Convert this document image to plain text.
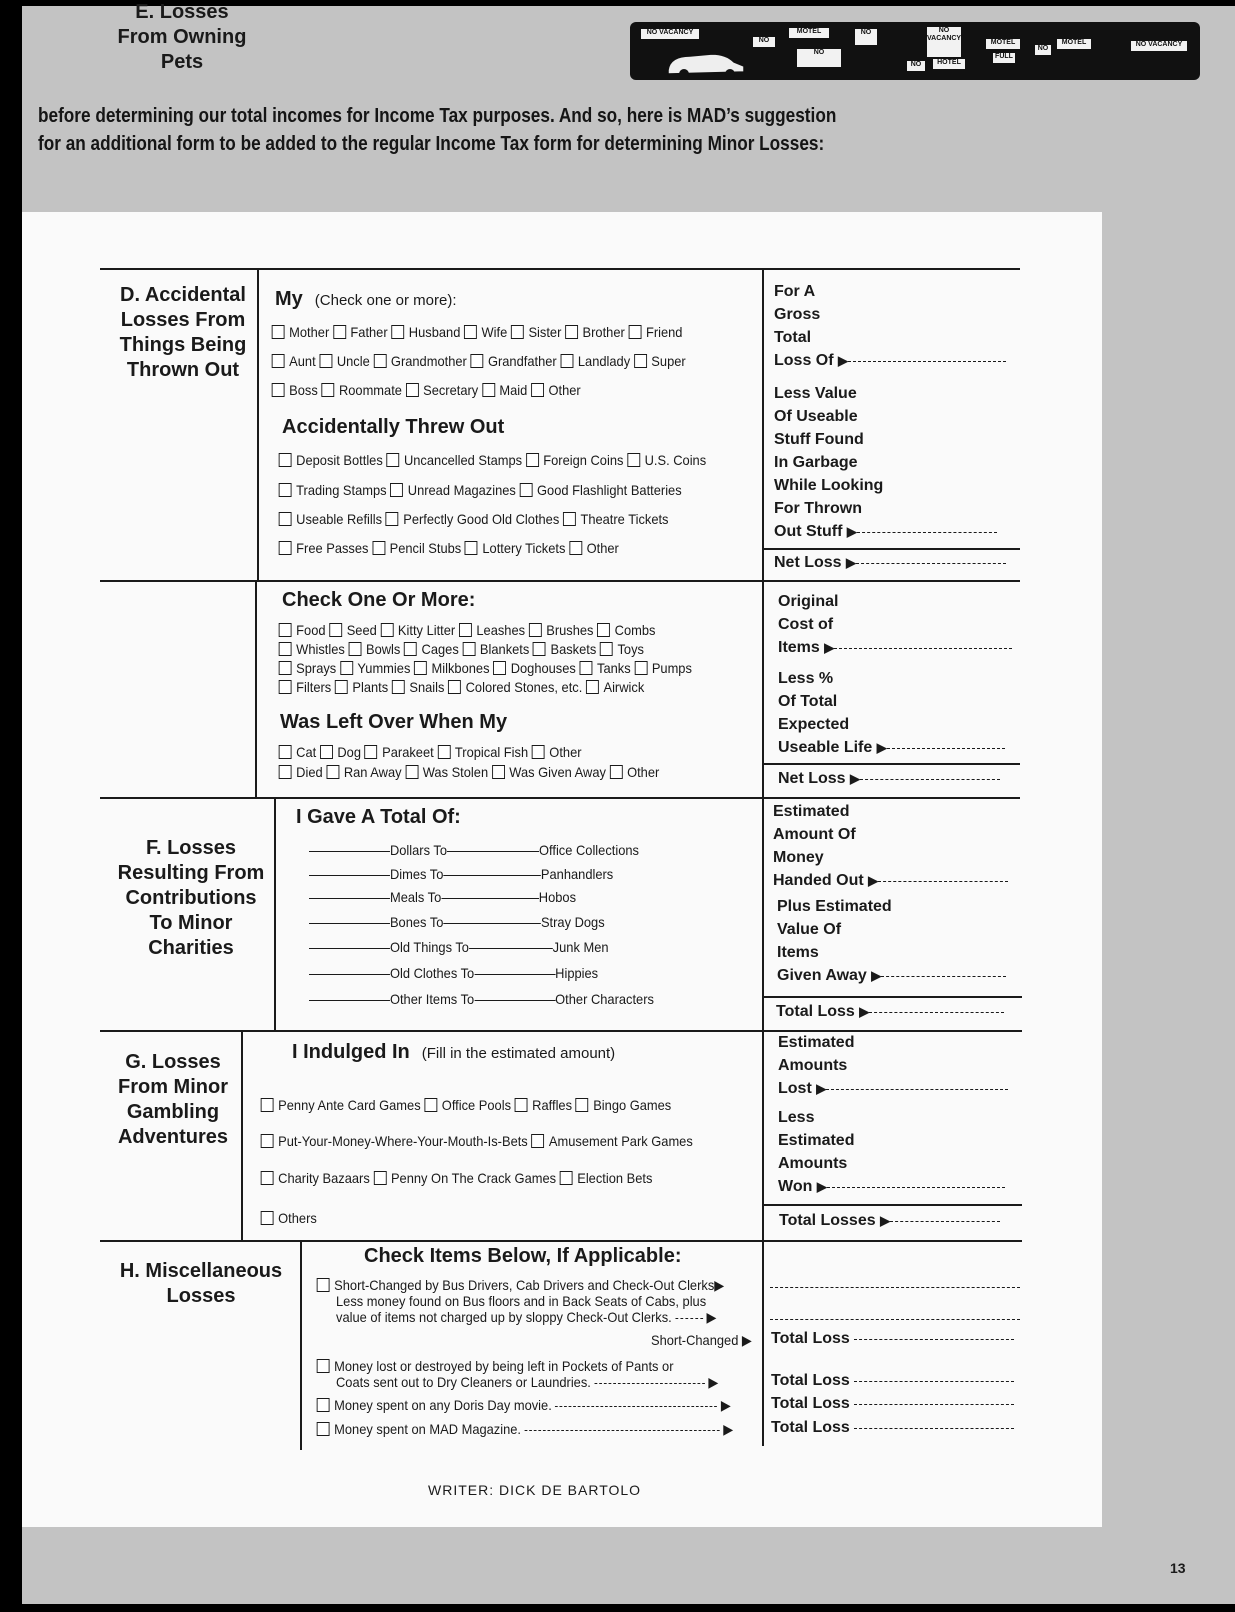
NO VACANCY
NO
MOTEL
NO
NO	NO VACANCY
NO	HOTEL
MOTEL
FULL
NO
MOTEL	NO VACANCY
before determining our total incomes for Income Tax purposes. And so, here is MAD’s suggestion
for an additional form to be added to the regular Income Tax form for determining Minor Losses:
D. Accidental Losses From Things Being Thrown Out
My (Check one or more):
Mother Father Husband Wife Sister Brother Friend
Aunt Uncle Grandmother Grandfather Landlady Super
Boss Roommate Secretary Maid Other
Accidentally Threw Out
Deposit Bottles Uncancelled Stamps Foreign Coins U.S. Coins
Trading Stamps Unread Magazines Good Flashlight Batteries
Useable Refills Perfectly Good Old Clothes Theatre Tickets
Free Passes Pencil Stubs Lottery Tickets Other
For A
Gross
Total
Loss Of ▶
Less Value
Of Useable
Stuff Found
In Garbage
While Looking
For Thrown
Out Stuff ▶
Net Loss ▶
E. Losses From Owning Pets
Check One Or More:
Food Seed Kitty Litter Leashes Brushes Combs
Whistles Bowls Cages Blankets Baskets Toys
Sprays Yummies Milkbones Doghouses Tanks Pumps
Filters Plants Snails Colored Stones, etc. Airwick
Was Left Over When My
Cat Dog Parakeet Tropical Fish Other
Died Ran Away Was Stolen Was Given Away Other
Original
Cost of
Items ▶
Less %
Of Total
Expected
Useable Life ▶
Net Loss ▶
F. Losses Resulting From Contributions To Minor Charities
I Gave A Total Of:
Dollars To	Office Collections
Dimes To	Panhandlers
Meals To	Hobos
Bones To	Stray Dogs
Old Things To	Junk Men
Old Clothes To	Hippies
Other Items To	Other Characters
Estimated
Amount Of
Money
Handed Out ▶
Plus Estimated
Value Of
Items
Given Away ▶
Total Loss ▶
G. Losses From Minor Gambling Adventures
I Indulged In (Fill in the estimated amount)
Penny Ante Card Games Office Pools Raffles Bingo Games
Put-Your-Money-Where-Your-Mouth-Is-Bets Amusement Park Games
Charity Bazaars Penny On The Crack Games Election Bets
Others
Estimated
Amounts
Lost ▶
Less
Estimated
Amounts
Won ▶
Total Losses ▶
H. Miscellaneous Losses
Check Items Below, If Applicable:
Short-Changed by Bus Drivers, Cab Drivers and Check-Out Clerks▶
Less money found on Bus floors and in Back Seats of Cabs, plus
value of items not charged up by sloppy Check-Out Clerks. ▶
Short-Changed ▶
Money lost or destroyed by being left in Pockets of Pants or
Coats sent out to Dry Cleaners or Laundries.	▶
Money spent on any Doris Day movie.	▶
Money spent on MAD Magazine.	▶
Total Loss
Total Loss
Total Loss
Total Loss
WRITER: DICK DE BARTOLO
13
